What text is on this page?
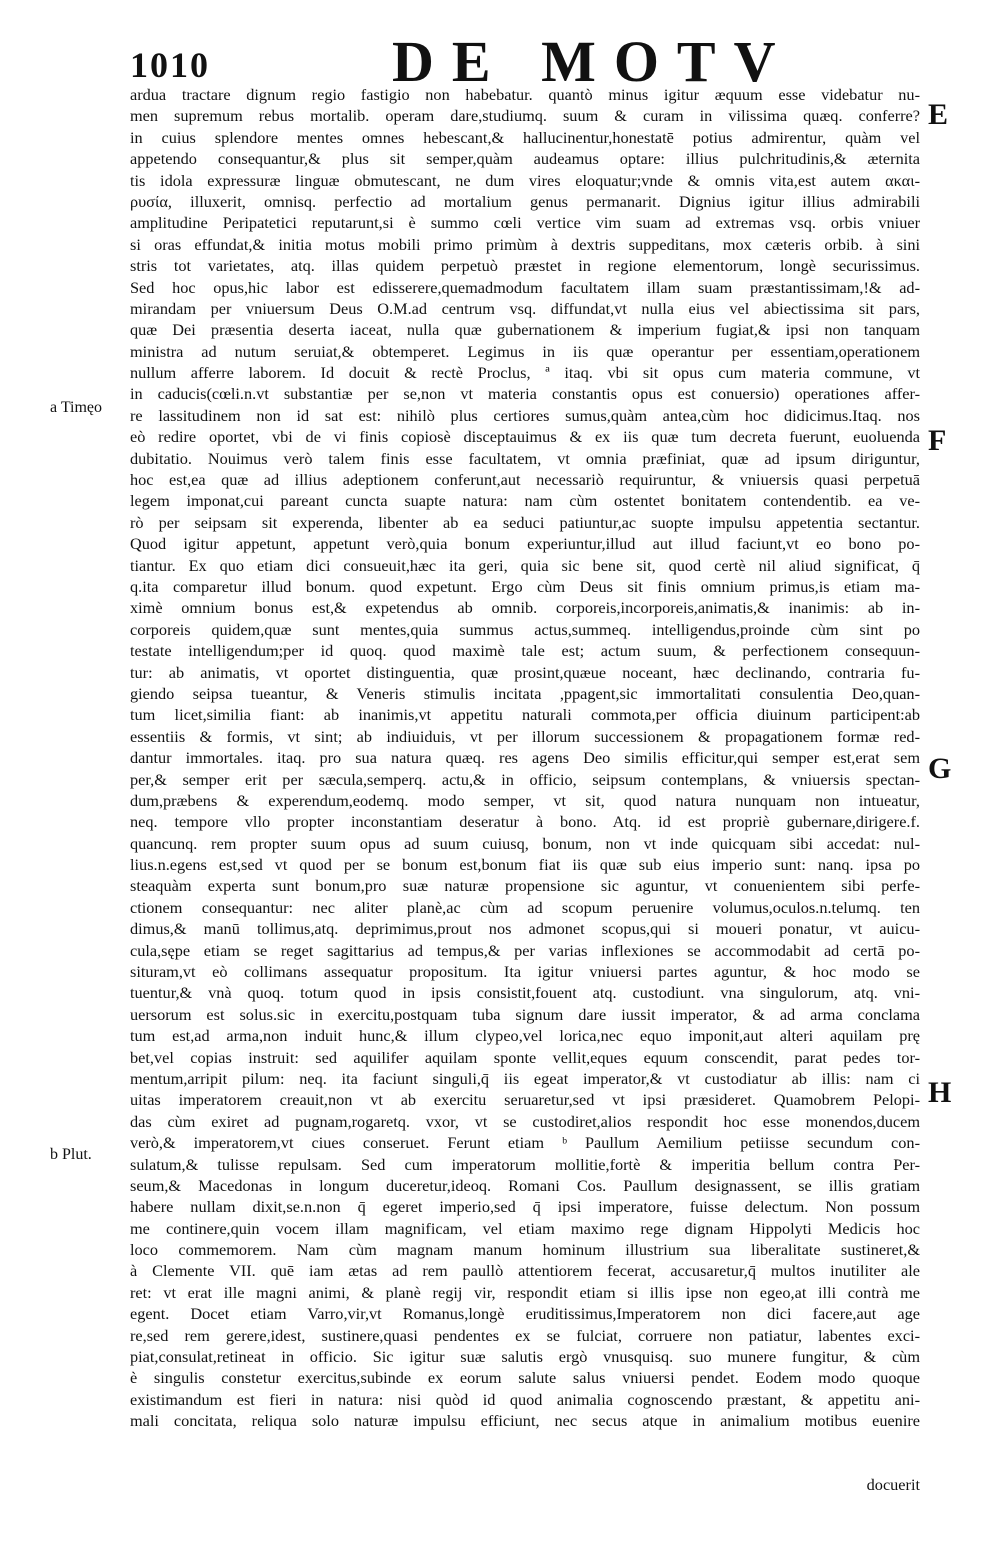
1010	DE MOTV
ardua tractare dignum regio fastigio non habebatur. quantò minus igitur æquum esse videbatur nu-
men supremum rebus mortalib. operam dare,studiumq. suum & curam in vilissima quæq. conferre?
in cuius splendore mentes omnes hebescant,& hallucinentur,honestatē potius admirentur, quàm vel
appetendo consequantur,& plus sit semper,quàm audeamus optare: illius pulchritudinis,& æternita
tis idola expressuræ linguæ obmutescant, ne dum vires eloquatur;vnde & omnis vita,est autem ακαι-
ρυσία, illuxerit, omnisq. perfectio ad mortalium genus permanarit. Dignius igitur illius admirabili
amplitudine Peripatetici reputarunt,si è summo cœli vertice vim suam ad extremas vsq. orbis vniuer
si oras effundat,& initia motus mobili primo primùm à dextris suppeditans, mox cæteris orbib. à sini
stris tot varietates, atq. illas quidem perpetuò præstet in regione elementorum, longè securissimus.
Sed hoc opus,hic labor est edisserere,quemadmodum facultatem illam suam præstantissimam,!& ad-
mirandam per vniuersum Deus O.M.ad centrum vsq. diffundat,vt nulla eius vel abiectissima sit pars,
quæ Dei præsentia deserta iaceat, nulla quæ gubernationem & imperium fugiat,& ipsi non tanquam
ministra ad nutum seruiat,& obtemperet. Legimus in iis quæ operantur per essentiam,operationem
nullum afferre laborem. Id docuit & rectè Proclus, ª itaq. vbi sit opus cum materia commune, vt
in caducis(cœli.n.vt substantiæ per se,non vt materia constantis opus est conuersio) operationes affer-
re lassitudinem non id sat est: nihilò plus certiores sumus,quàm antea,cùm hoc didicimus.Itaq. nos
eò redire oportet, vbi de vi finis copiosè disceptauimus & ex iis quæ tum decreta fuerunt, euoluenda
dubitatio. Nouimus verò talem finis esse facultatem, vt omnia præfiniat, quæ ad ipsum diriguntur,
hoc est,ea quæ ad illius adeptionem conferunt,aut necessariò requiruntur, & vniuersis quasi perpetuā
legem imponat,cui pareant cuncta suapte natura: nam cùm ostentet bonitatem contendentib. ea ve-
rò per seipsam sit experenda, libenter ab ea seduci patiuntur,ac suopte impulsu appetentia sectantur.
Quod igitur appetunt, appetunt verò,quia bonum experiuntur,illud aut illud faciunt,vt eo bono po-
tiantur. Ex quo etiam dici consueuit,hæc ita geri, quia sic bene sit, quod certè nil aliud significat, q̄
q.ita comparetur illud bonum. quod expetunt. Ergo cùm Deus sit finis omnium primus,is etiam ma-
ximè omnium bonus est,& expetendus ab omnib. corporeis,incorporeis,animatis,& inanimis: ab in-
corporeis quidem,quæ sunt mentes,quia summus actus,summeq. intelligendus,proinde cùm sint po
testate intelligendum;per id quoq. quod maximè tale est; actum suum, & perfectionem consequun-
tur: ab animatis, vt oportet distinguentia, quæ prosint,quæue noceant, hæc declinando, contraria fu-
giendo seipsa tueantur, & Veneris stimulis incitata ,ppagent,sic immortalitati consulentia Deo,quan-
tum licet,similia fiant: ab inanimis,vt appetitu naturali commota,per officia diuinum participent:ab
essentiis & formis, vt sint; ab indiuiduis, vt per illorum successionem & propagationem formæ red-
dantur immortales. itaq. pro sua natura quæq. res agens Deo similis efficitur,qui semper est,erat sem
per,& semper erit per sæcula,semperq. actu,& in officio, seipsum contemplans, & vniuersis spectan-
dum,præbens & experendum,eodemq. modo semper, vt sit, quod natura nunquam non intueatur,
neq. tempore vllo propter inconstantiam deseratur à bono. Atq. id est propriè gubernare,dirigere.f.
quancunq. rem propter suum opus ad suum cuiusq, bonum, non vt inde quicquam sibi accedat: nul-
lius.n.egens est,sed vt quod per se bonum est,bonum fiat iis quæ sub eius imperio sunt: nanq. ipsa po
steaquàm experta sunt bonum,pro suæ naturæ propensione sic aguntur, vt conuenientem sibi perfe-
ctionem consequantur: nec aliter planè,ac cùm ad scopum peruenire volumus,oculos.n.telumq. ten
dimus,& manū tollimus,atq. deprimimus,prout nos admonet scopus,qui si moueri ponatur, vt auicu-
cula,sępe etiam se reget sagittarius ad tempus,& per varias inflexiones se accommodabit ad certā po-
situram,vt eò collimans assequatur propositum. Ita igitur vniuersi partes aguntur, & hoc modo se
tuentur,& vnà quoq. totum quod in ipsis consistit,fouent atq. custodiunt. vna singulorum, atq. vni-
uersorum est solus.sic in exercitu,postquam tuba signum dare iussit imperator, & ad arma conclama
tum est,ad arma,non induit hunc,& illum clypeo,vel lorica,nec equo imponit,aut alteri aquilam prę
bet,vel copias instruit: sed aquilifer aquilam sponte vellit,eques equum conscendit, parat pedes tor-
mentum,arripit pilum: neq. ita faciunt singuli,q̄ iis egeat imperator,& vt custodiatur ab illis: nam ci
uitas imperatorem creauit,non vt ab exercitu seruaretur,sed vt ipsi præsideret. Quamobrem Pelopi-
das cùm exiret ad pugnam,rogaretq. vxor, vt se custodiret,alios respondit hoc esse monendos,ducem
verò,& imperatorem,vt ciues conseruet. Ferunt etiam ᵇ Paullum Aemilium petiisse secundum con-
sulatum,& tulisse repulsam. Sed cum imperatorum mollitie,fortè & imperitia bellum contra Per-
seum,& Macedonas in longum duceretur,ideoq. Romani Cos. Paullum designassent, se illis gratiam
habere nullam dixit,se.n.non q̄ egeret imperio,sed q̄ ipsi imperatore, fuisse delectum. Non possum
me continere,quin vocem illam magnificam, vel etiam maximo rege dignam Hippolyti Medicis hoc
loco commemorem. Nam cùm magnam manum hominum illustrium sua liberalitate sustineret,&
à Clemente VII. quē iam ætas ad rem paullò attentiorem fecerat, accusaretur,q̄ multos inutiliter ale
ret: vt erat ille magni animi, & planè regij vir, respondit etiam si illis ipse non egeo,at illi contrà me
egent. Docet etiam Varro,vir,vt Romanus,longè eruditissimus,Imperatorem non dici facere,aut age
re,sed rem gerere,idest, sustinere,quasi pendentes ex se fulciat, corruere non patiatur, labentes exci-
piat,consulat,retineat in officio. Sic igitur suæ salutis ergò vnusquisq. suo munere fungitur, & cùm
è singulis constetur exercitus,subinde ex eorum salute salus vniuersi pendet. Eodem modo quoque
existimandum est fieri in natura: nisi quòd id quod animalia cognoscendo præstant, & appetitu ani-
mali concitata, reliqua solo naturæ impulsu efficiunt, nec secus atque in animalium motibus euenire
docuerit
a Timęo
b Plut.
E
F
G
H
